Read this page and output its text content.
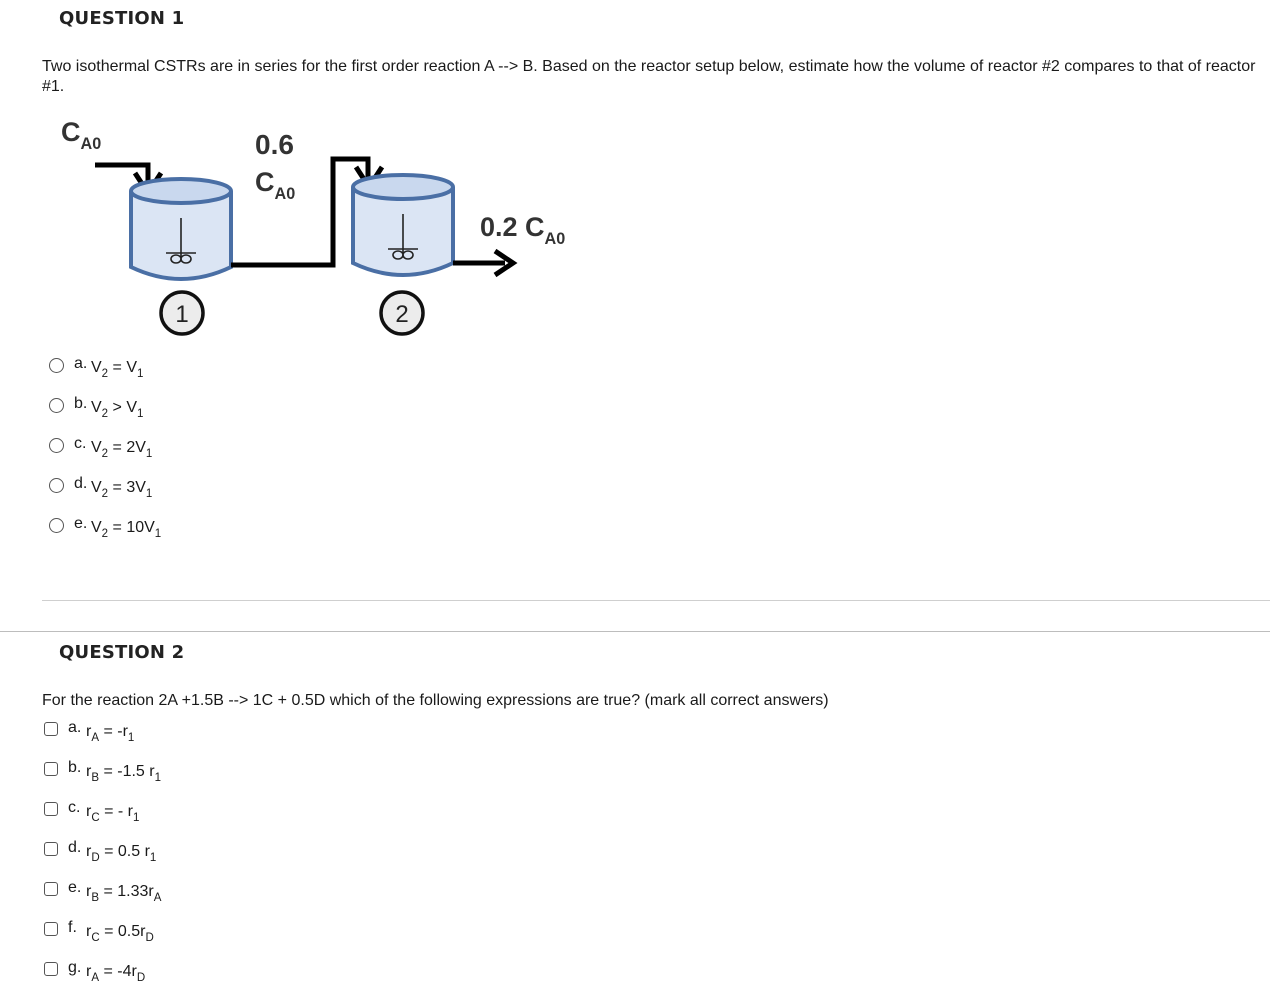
QUESTION 1
Two isothermal CSTRs are in series for the first order reaction A --> B. Based on the reactor setup below, estimate how the volume of reactor #2 compares to that of reactor #1.
1	2
$C_{A0}$	0.6
$C_{A0}$
0.2 $C_{A0}$
a. $V_2 = V_1$
b. $V_2 > V_1$
c. $V_2 = 2V_1$
d. $V_2 = 3V_1$
e. $V_2 = 10V_1$
QUESTION 2
For the reaction 2A +1.5B --> 1C + 0.5D which of the following expressions are true? (mark all correct answers)
a. $r_A = -r_1$
b. $r_B = -1.5$ $r_1$
c. $r_C$ = - $r_1$
d. $r_D = 0.5$ $r_1$
e. $r_B = 1.33r_A$
f. $r_C = 0.5r_D$
g. $r_A = -4r_D$
